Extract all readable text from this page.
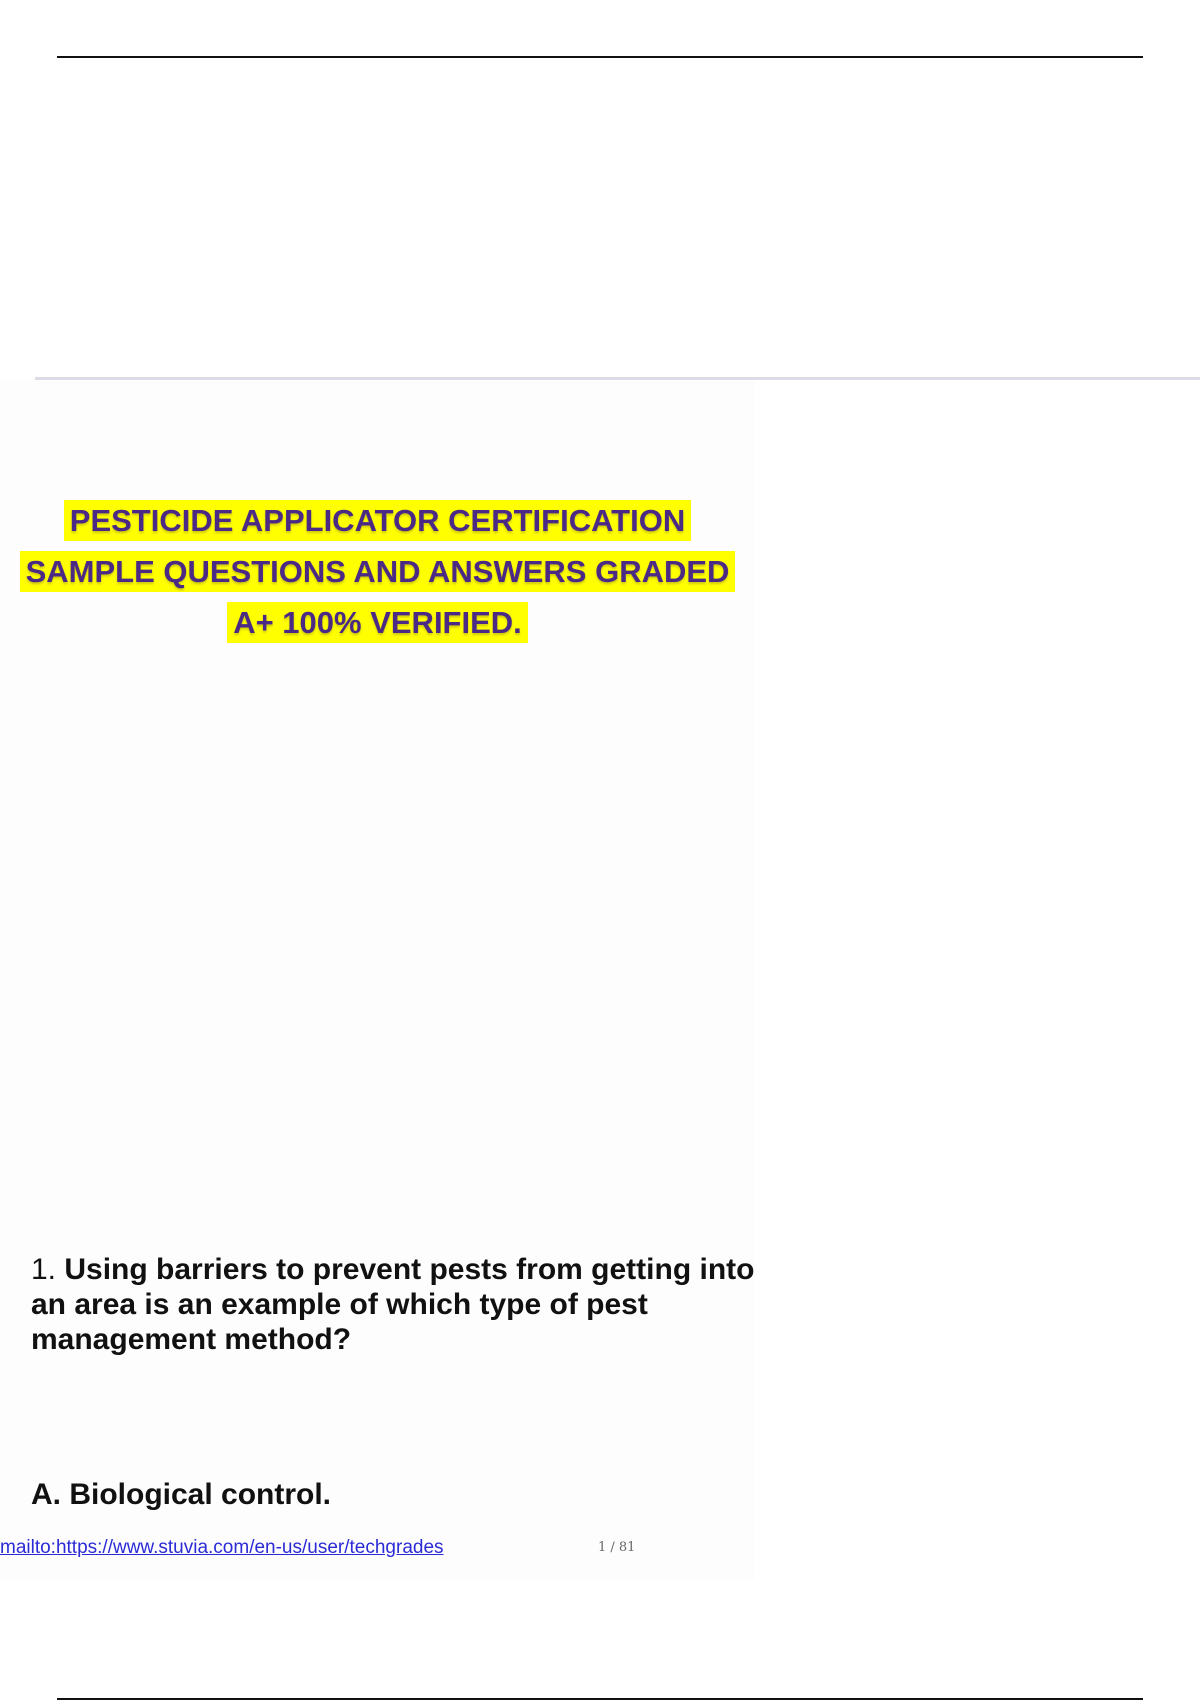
PESTICIDE APPLICATOR CERTIFICATION
SAMPLE QUESTIONS AND ANSWERS GRADED
A+ 100% VERIFIED.
1. Using barriers to prevent pests from getting into an area is an example of which type of pest management method?
A. Biological control.
mailto:https://www.stuvia.com/en-us/user/techgrades	1 / 81
